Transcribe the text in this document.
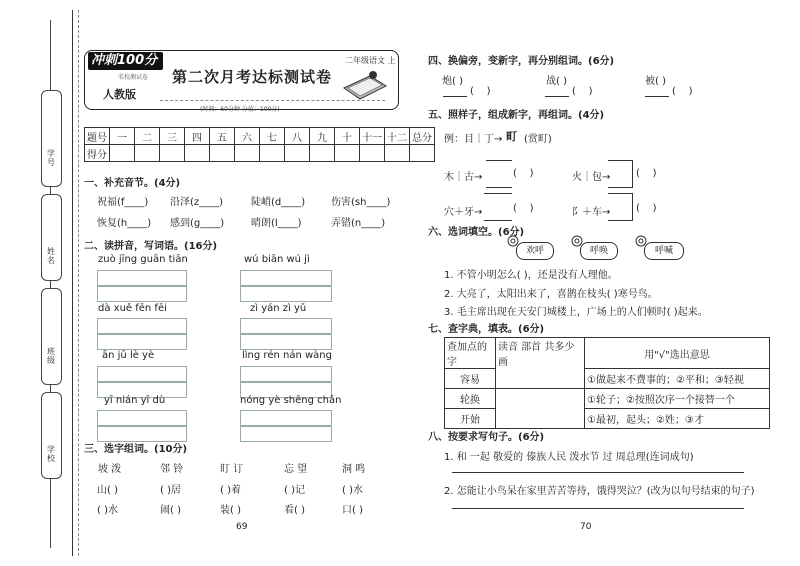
学号
姓名
班级
学校
冲刺100分
名校测试卷
人教版
第二次月考达标测试卷
二年级语文 上
(时间：60分钟 分值：100分)
题号	一	二	三	四	五	六	七	八	九	十	十一	十二	总分
得分													
一、补充音节。(4分)
祝福(f____) 沿泽(z____)	陡峭(d____)	伤害(sh____)
恢复(h____) 感到(g____)	晴朗(l____)	弄错(n____)
二、读拼音，写词语。(16分)
zuò jīng guān tiān	wú biān wú jì
dà xuě fēn fēi	zì yán zì yǔ
ān jū lè yè	lìng rén nán wàng
yī nián yī dù	nóng yè shēng chǎn
三、选字组词。(10分)
坡 泼	邻 铃	盯 订	忘 望	洞 鸣
山( )	( )居	( )着	( )记	( )水
( )水	闹( )	装( )	看( )	口( )
69
四、换偏旁，变新字，再分别组词。(6分)
炮( )	战( )	被( )
(    )	(    )	(    )
五、照样子，组成新字，再组词。(4分)
例：目｜丁→ 町 (赏町)
木｜古→	(    )	火｜包→	(    )
穴＋牙→	(    )	阝＋车→	(    )
六、选词填空。(6分)
欢呼	呼唤	呼喊
1. 不管小明怎么( )，还是没有人理他。
2. 大亮了，太阳出来了，喜鹊在枝头( )寒号鸟。
3. 毛主席出现在天安门城楼上，广场上的人们顿时( )起来。
七、查字典，填表。(6分)
查加点的字	读音 部首 共多少画	用"√"选出意思
容易		①做起来不费事的；②平和；③轻视
轮换		①轮子；②按照次序一个接替一个
开始		①最初，起头；②姓；③才
八、按要求写句子。(6分)
1. 和 一起 敬爱的 傣族人民 泼水节 过 周总理(连词成句)
2. 怎能让小鸟呆在家里苦苦等待，饿得哭泣？(改为以句号结束的句子)
70
